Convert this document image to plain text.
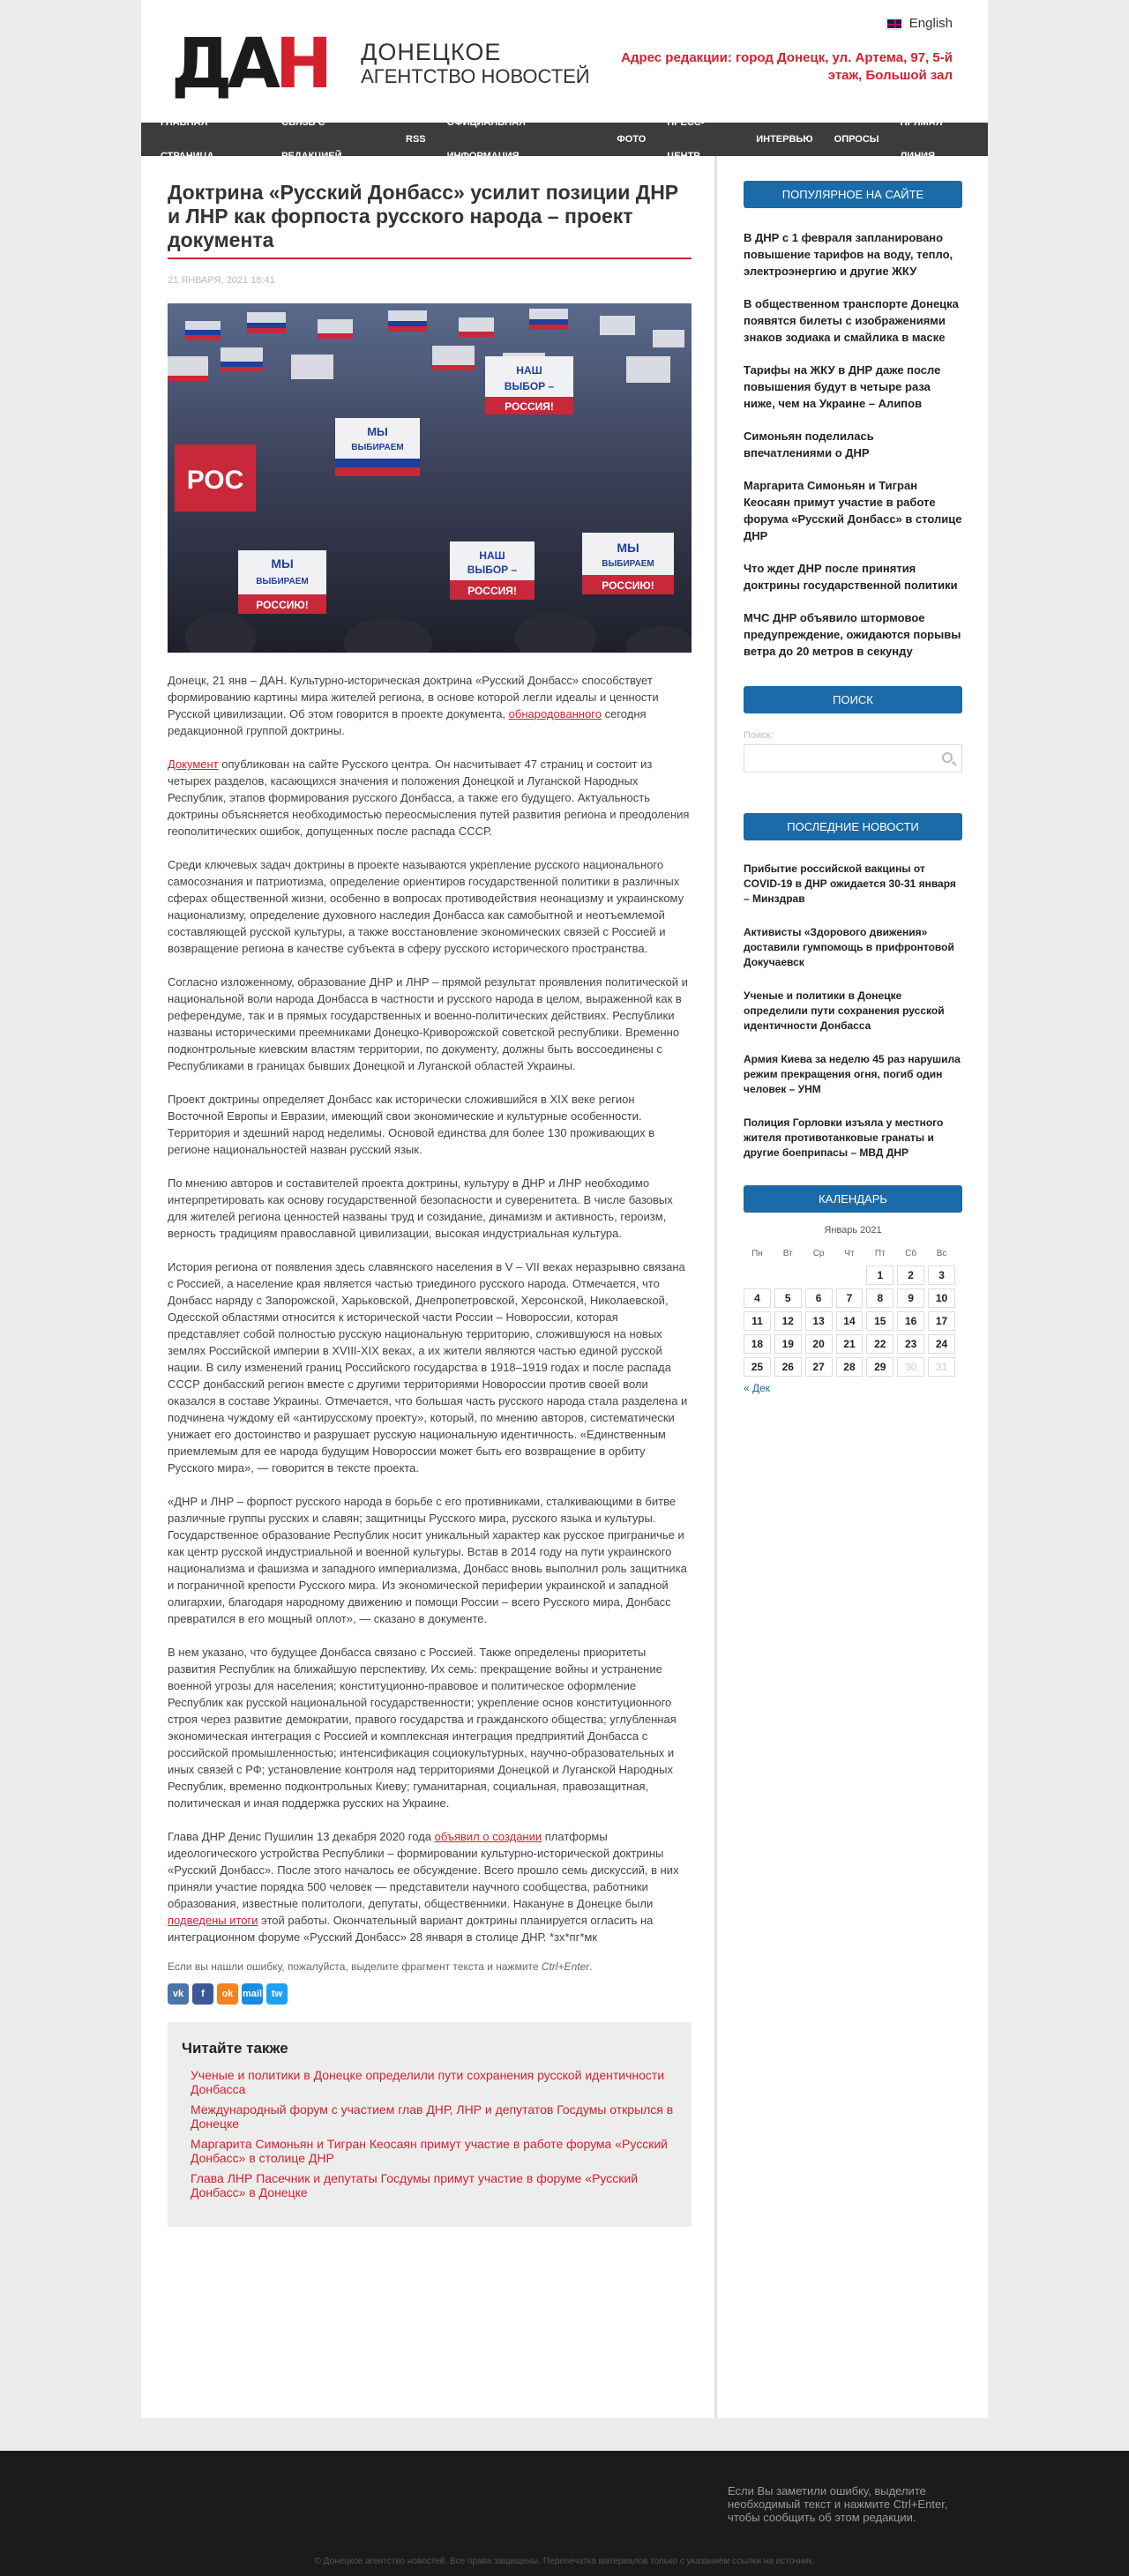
ДАН ДОНЕЦКОЕ
АГЕНТСТВО НОВОСТЕЙ
English
Адрес редакции: город Донецк, ул. Артема, 97, 5-й этаж, Большой зал
ГЛАВНАЯ СТРАНИЦА
СВЯЗЬ С РЕДАКЦИЕЙ
RSS
ОФИЦИАЛЬНАЯ ИНФОРМАЦИЯ
ФОТО
ПРЕСС-ЦЕНТР
ИНТЕРВЬЮ	ОПРОСЫ
ПРЯМАЯ ЛИНИЯ
Доктрина «Русский Донбасс» усилит позиции ДНР и ЛНР как форпоста русского народа – проект документа
21 ЯНВАРЯ, 2021 18:41
МЫ
ВЫБИРАЕМ
НАШ
ВЫБОР –
РОССИЯ!
РОС
МЫ
ВЫБИРАЕМ
РОССИЮ!
НАШ
ВЫБОР –
РОССИЯ!
МЫ
ВЫБИРАЕМ
РОССИЮ!

Донецк, 21 янв – ДАН. Культурно-историческая доктрина «Русский Донбасс» способствует формированию картины мира жителей региона, в основе которой легли идеалы и ценности Русской цивилизации. Об этом говорится в проекте документа, обнародованного сегодня редакционной группой доктрины.

Документ опубликован на сайте Русского центра. Он насчитывает 47 страниц и состоит из четырех разделов, касающихся значения и положения Донецкой и Луганской Народных Республик, этапов формирования русского Донбасса, а также его будущего. Актуальность доктрины объясняется необходимостью переосмысления путей развития региона и преодоления геополитических ошибок, допущенных после распада СССР.

Среди ключевых задач доктрины в проекте называются укрепление русского национального самосознания и патриотизма, определение ориентиров государственной политики в различных сферах общественной жизни, особенно в вопросах противодействия неонацизму и украинскому национализму, определение духовного наследия Донбасса как самобытной и неотъемлемой составляющей русской культуры, а также восстановление экономических связей с Россией и возвращение региона в качестве субъекта в сферу русского исторического пространства.

Согласно изложенному, образование ДНР и ЛНР – прямой результат проявления политической и национальной воли народа Донбасса в частности и русского народа в целом, выраженной как в референдуме, так и в прямых государственных и военно-политических действиях. Республики названы историческими преемниками Донецко-Криворожской советской республики. Временно подконтрольные киевским властям территории, по документу, должны быть воссоединены с Республиками в границах бывших Донецкой и Луганской областей Украины.

Проект доктрины определяет Донбасс как исторически сложившийся в XIX веке регион Восточной Европы и Евразии, имеющий свои экономические и культурные особенности. Территория и здешний народ неделимы. Основой единства для более 130 проживающих в регионе национальностей назван русский язык.

По мнению авторов и составителей проекта доктрины, культуру в ДНР и ЛНР необходимо интерпретировать как основу государственной безопасности и суверенитета. В числе базовых для жителей региона ценностей названы труд и созидание, динамизм и активность, героизм, верность традициям православной цивилизации, высокая индустриальная культура.

История региона от появления здесь славянского населения в V – VII веках неразрывно связана с Россией, а население края является частью триединого русского народа. Отмечается, что Донбасс наряду с Запорожской, Харьковской, Днепропетровской, Херсонской, Николаевской, Одесской областями относится к исторической части России – Новороссии, которая представляет собой полностью русскую национальную территорию, сложившуюся на новых землях Российской империи в XVIII-XIX веках, а их жители являются частью единой русской нации. В силу изменений границ Российского государства в 1918–1919 годах и после распада СССР донбасский регион вместе с другими территориями Новороссии против своей воли оказался в составе Украины. Отмечается, что большая часть русского народа стала разделена и подчинена чуждому ей «антирусскому проекту», который, по мнению авторов, систематически унижает его достоинство и разрушает русскую национальную идентичность. «Единственным приемлемым для ее народа будущим Новороссии может быть его возвращение в орбиту Русского мира», — говорится в тексте проекта.

«ДНР и ЛНР – форпост русского народа в борьбе с его противниками, сталкивающими в битве различные группы русских и славян; защитницы Русского мира, русского языка и культуры. Государственное образование Республик носит уникальный характер как русское приграничье и как центр русской индустриальной и военной культуры. Встав в 2014 году на пути украинского национализма и фашизма и западного империализма, Донбасс вновь выполнил роль защитника и пограничной крепости Русского мира. Из экономической периферии украинской и западной олигархии, благодаря народному движению и помощи России – всего Русского мира, Донбасс превратился в его мощный оплот», — сказано в документе.

В нем указано, что будущее Донбасса связано с Россией. Также определены приоритеты развития Республик на ближайшую перспективу. Их семь: прекращение войны и устранение военной угрозы для населения; конституционно-правовое и политическое оформление Республик как русской национальной государственности; укрепление основ конституционного строя через развитие демократии, правого государства и гражданского общества; углубленная экономическая интеграция с Россией и комплексная интеграция предприятий Донбасса с российской промышленностью; интенсификация социокультурных, научно-образовательных и иных связей с РФ; установление контроля над территориями Донецкой и Луганской Народных Республик, временно подконтрольных Киеву; гуманитарная, социальная, правозащитная, политическая и иная поддержка русских на Украине.

Глава ДНР Денис Пушилин 13 декабря 2020 года объявил о создании платформы идеологического устройства Республики – формировании культурно-исторической доктрины «Русский Донбасс». После этого началось ее обсуждение. Всего прошло семь дискуссий, в них приняли участие порядка 500 человек — представители научного сообщества, работники образования, известные политологи, депутаты, общественники. Накануне в Донецке были подведены итоги этой работы. Окончательный вариант доктрины планируется огласить на интеграционном форуме «Русский Донбасс» 28 января в столице ДНР. *зх*пг*мк

Если вы нашли ошибку, пожалуйста, выделите фрагмент текста и нажмите Ctrl+Enter.
vk	f	ok mail tw
Читайте также
Ученые и политики в Донецке определили пути сохранения русской идентичности Донбасса
Международный форум с участием глав ДНР, ЛНР и депутатов Госдумы открылся в Донецке
Маргарита Симоньян и Тигран Кеосаян примут участие в работе форума «Русский Донбасс» в столице ДНР
Глава ЛНР Пасечник и депутаты Госдумы примут участие в форуме «Русский Донбасс» в Донецке
ПОПУЛЯРНОЕ НА САЙТЕ
В ДНР с 1 февраля запланировано повышение тарифов на воду, тепло, электроэнергию и другие ЖКУ
В общественном транспорте Донецка появятся билеты с изображениями знаков зодиака и смайлика в маске
Тарифы на ЖКУ в ДНР даже после повышения будут в четыре раза ниже, чем на Украине – Алипов
Симоньян поделилась впечатлениями о ДНР
Маргарита Симоньян и Тигран Кеосаян примут участие в работе форума «Русский Донбасс» в столице ДНР
Что ждет ДНР после принятия доктрины государственной политики
МЧС ДНР объявило штормовое предупреждение, ожидаются порывы ветра до 20 метров в секунду
ПОИСК
Поиск:
ПОСЛЕДНИЕ НОВОСТИ
Прибытие российской вакцины от COVID-19 в ДНР ожидается 30-31 января – Минздрав
Активисты «Здорового движения» доставили гумпомощь в прифронтовой Докучаевск
Ученые и политики в Донецке определили пути сохранения русской идентичности Донбасса
Армия Киева за неделю 45 раз нарушила режим прекращения огня, погиб один человек – УНМ
Полиция Горловки изъяла у местного жителя противотанковые гранаты и другие боеприпасы – МВД ДНР
КАЛЕНДАРЬ
Январь 2021
Пн	Вт	Ср	Чт	Пт	Сб	Вс
				1	2	3
4	5	6	7	8	9	10
11	12	13	14	15	16	17
18	19	20	21	22	23	24
25	26	27	28	29	30	31
« Дек
Если Вы заметили ошибку, выделите необходимый текст и нажмите Ctrl+Enter, чтобы сообщить об этом редакции.
© Донецкое агентство новостей. Все права защищены. Перепечатка материалов только с указанием ссылки на источник.
